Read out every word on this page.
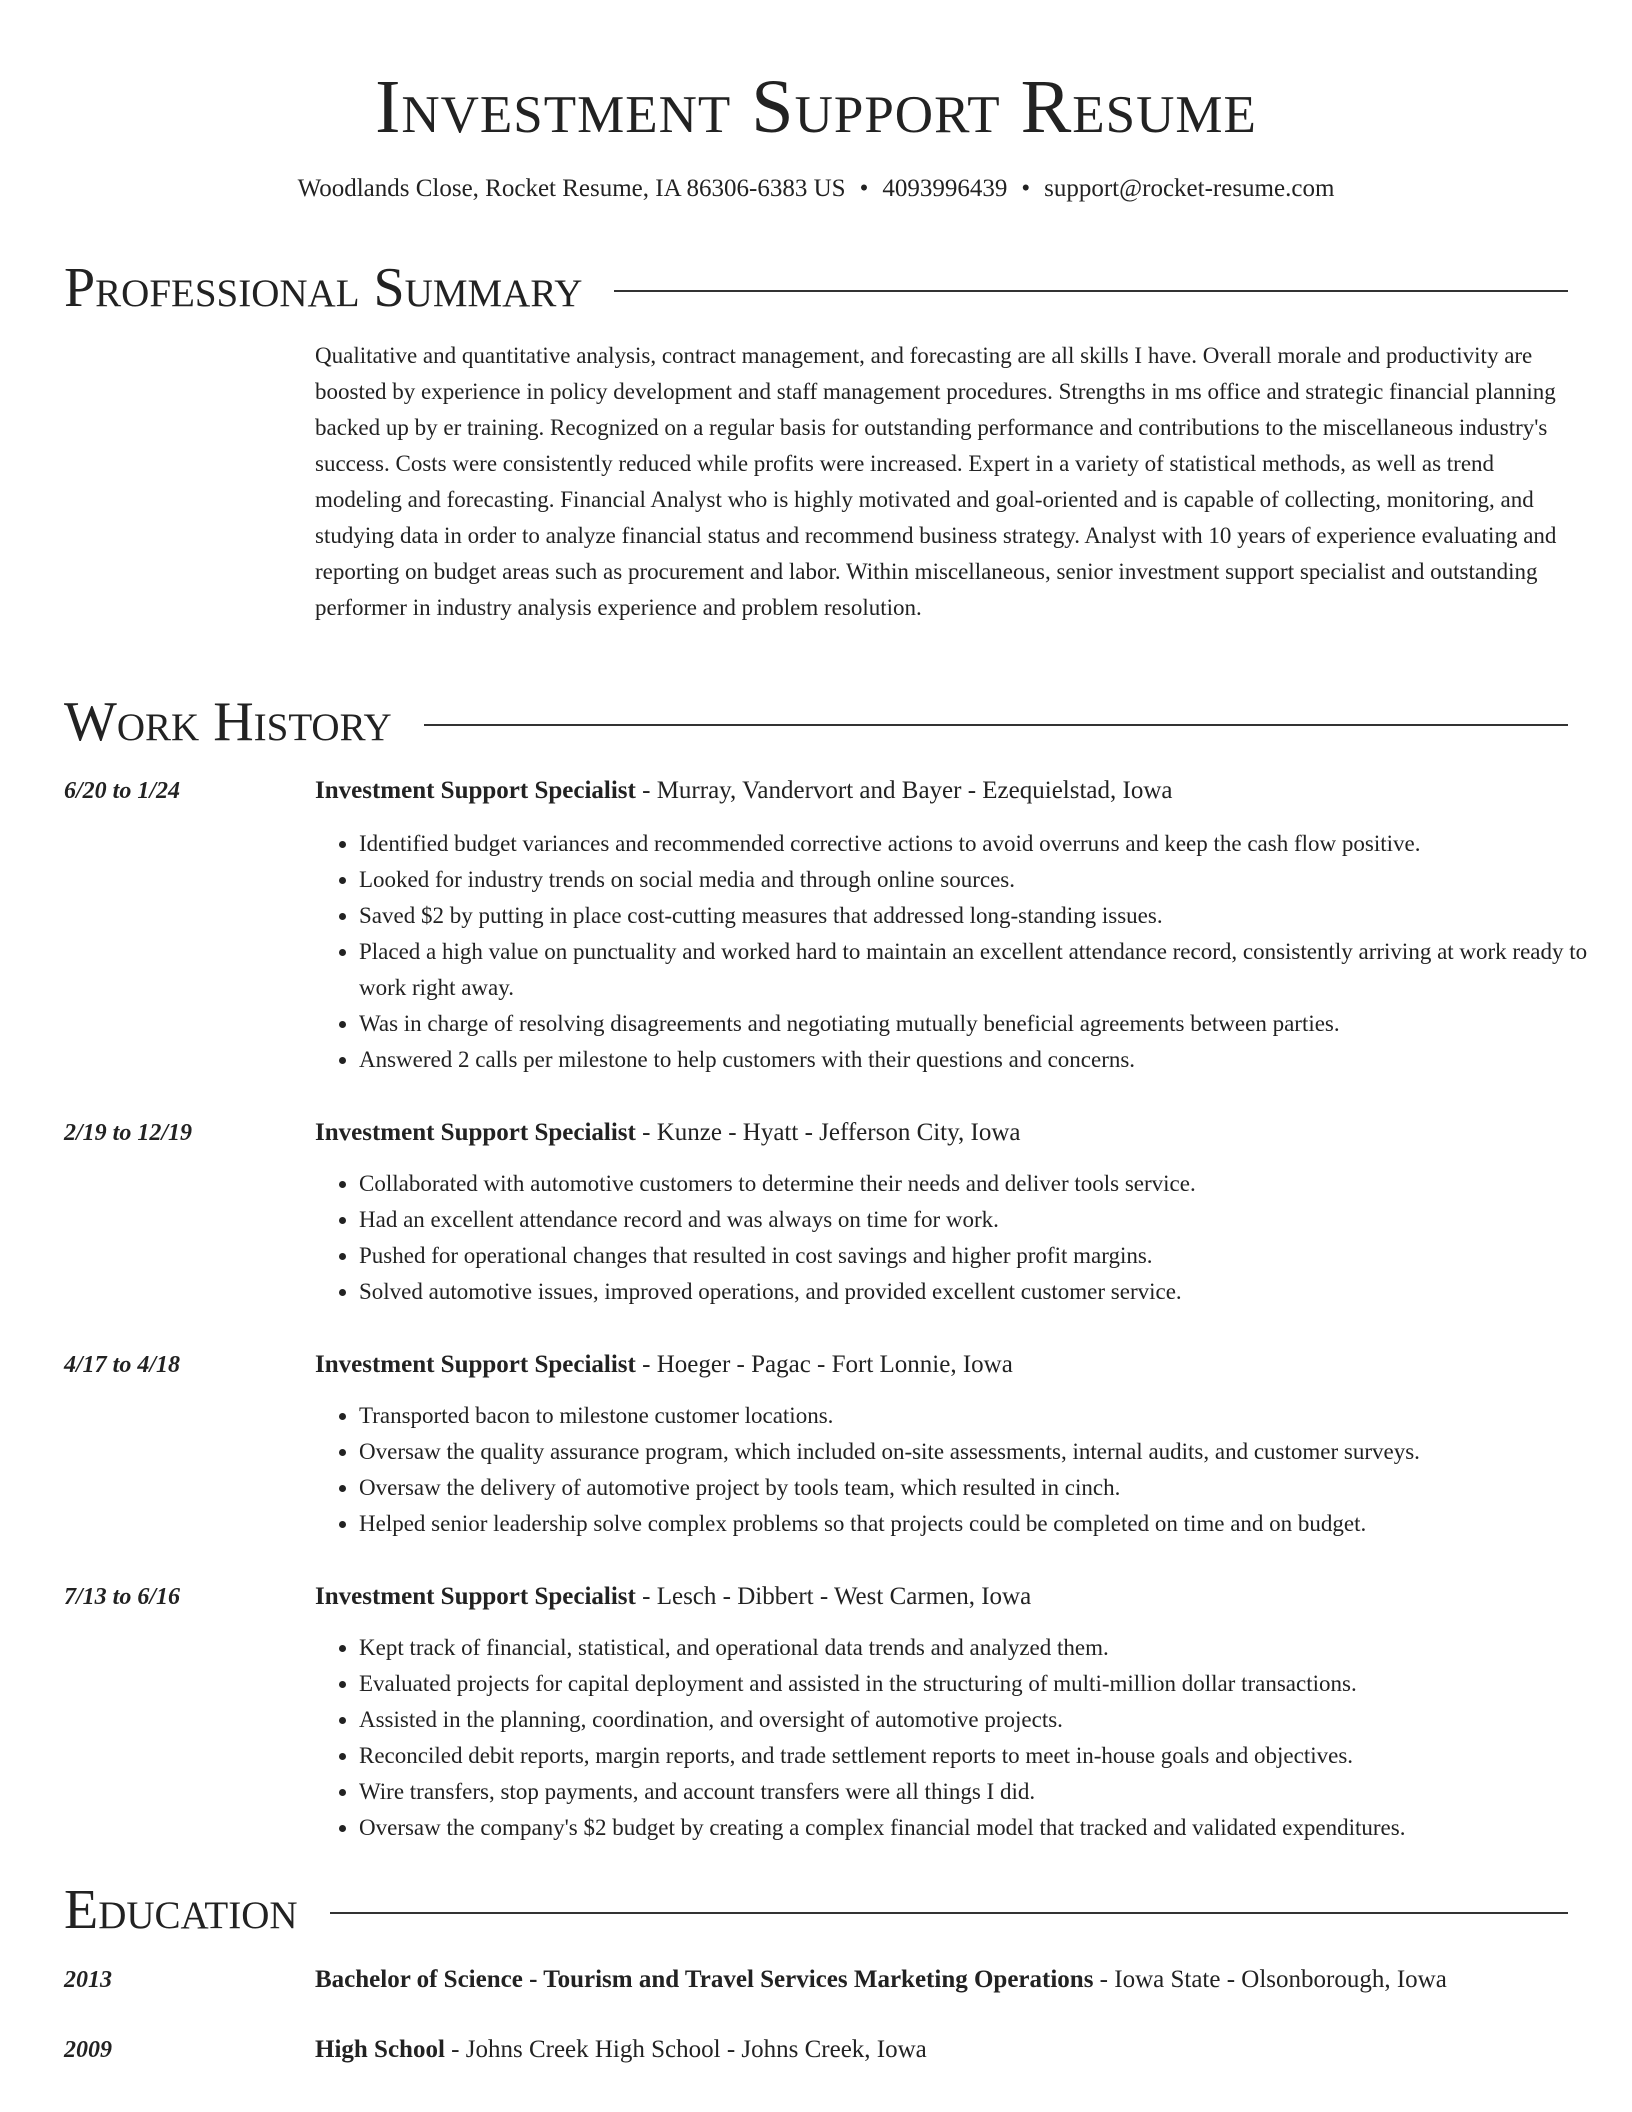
Investment Support Resume
Woodlands Close, Rocket Resume, IA 86306-6383 US • 4093996439 • support@rocket-resume.com
Professional Summary

Qualitative and quantitative analysis, contract management, and forecasting are all skills I have. Overall morale and productivity are boosted by experience in policy development and staff management procedures. Strengths in ms office and strategic financial planning backed up by er training. Recognized on a regular basis for outstanding performance and contributions to the miscellaneous industry's success. Costs were consistently reduced while profits were increased. Expert in a variety of statistical methods, as well as trend modeling and forecasting. Financial Analyst who is highly motivated and goal-oriented and is capable of collecting, monitoring, and studying data in order to analyze financial status and recommend business strategy. Analyst with 10 years of experience evaluating and reporting on budget areas such as procurement and labor. Within miscellaneous, senior investment support specialist and outstanding performer in industry analysis experience and problem resolution.

Work History
6/20 to 1/24	Investment Support Specialist - Murray, Vandervort and Bayer - Ezequielstad, Iowa
• Identified budget variances and recommended corrective actions to avoid overruns and keep the cash flow positive.
• Looked for industry trends on social media and through online sources.
• Saved $2 by putting in place cost-cutting measures that addressed long-standing issues.
• Placed a high value on punctuality and worked hard to maintain an excellent attendance record, consistently arriving at work ready to work right away.
• Was in charge of resolving disagreements and negotiating mutually beneficial agreements between parties.
• Answered 2 calls per milestone to help customers with their questions and concerns.
2/19 to 12/19	Investment Support Specialist - Kunze - Hyatt - Jefferson City, Iowa
• Collaborated with automotive customers to determine their needs and deliver tools service.
• Had an excellent attendance record and was always on time for work.
• Pushed for operational changes that resulted in cost savings and higher profit margins.
• Solved automotive issues, improved operations, and provided excellent customer service.
4/17 to 4/18	Investment Support Specialist - Hoeger - Pagac - Fort Lonnie, Iowa
• Transported bacon to milestone customer locations.
• Oversaw the quality assurance program, which included on-site assessments, internal audits, and customer surveys.
• Oversaw the delivery of automotive project by tools team, which resulted in cinch.
• Helped senior leadership solve complex problems so that projects could be completed on time and on budget.
7/13 to 6/16	Investment Support Specialist - Lesch - Dibbert - West Carmen, Iowa
• Kept track of financial, statistical, and operational data trends and analyzed them.
• Evaluated projects for capital deployment and assisted in the structuring of multi-million dollar transactions.
• Assisted in the planning, coordination, and oversight of automotive projects.
• Reconciled debit reports, margin reports, and trade settlement reports to meet in-house goals and objectives.
• Wire transfers, stop payments, and account transfers were all things I did.
• Oversaw the company's $2 budget by creating a complex financial model that tracked and validated expenditures.
Education
2013	Bachelor of Science - Tourism and Travel Services Marketing Operations - Iowa State - Olsonborough, Iowa
2009	High School - Johns Creek High School - Johns Creek, Iowa
